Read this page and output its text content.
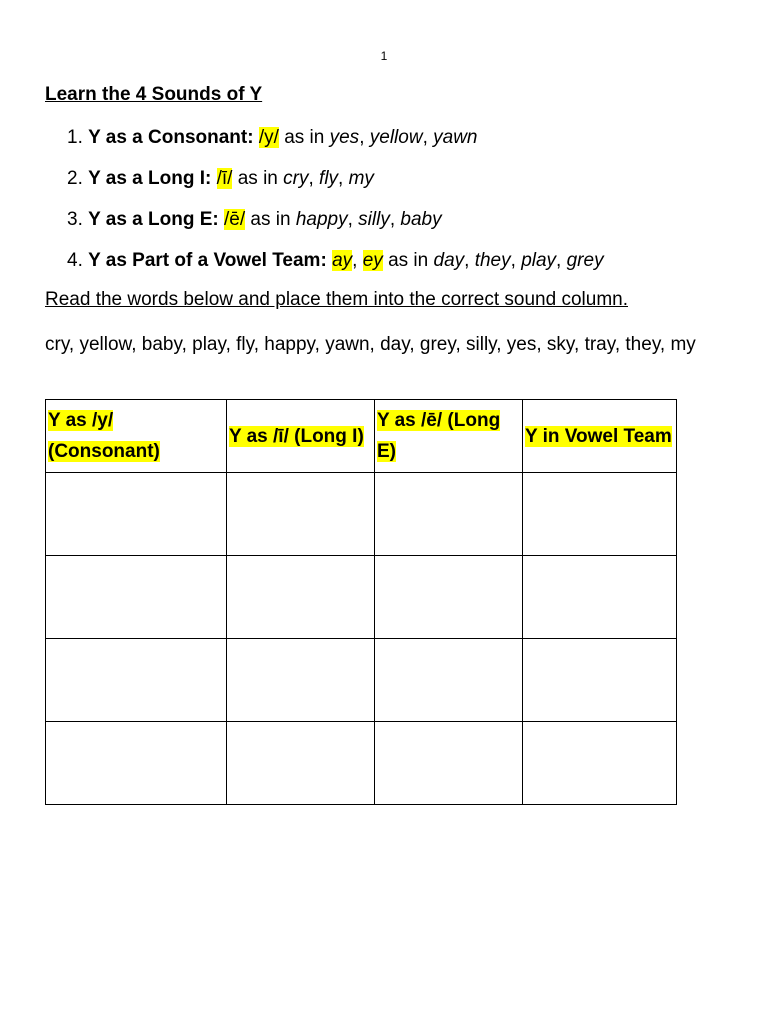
1
Learn the 4 Sounds of Y
1. Y as a Consonant: /y/ as in yes, yellow, yawn
2. Y as a Long I: /ī/ as in cry, fly, my
3. Y as a Long E: /ē/ as in happy, silly, baby
4. Y as Part of a Vowel Team: ay, ey as in day, they, play, grey
Read the words below and place them into the correct sound column.
cry, yellow, baby, play, fly, happy, yawn, day, grey, silly, yes, sky, tray, they, my
Y as /y/ (Consonant)	Y as /ī/ (Long I)	Y as /ē/ (Long E)	Y in Vowel Team
